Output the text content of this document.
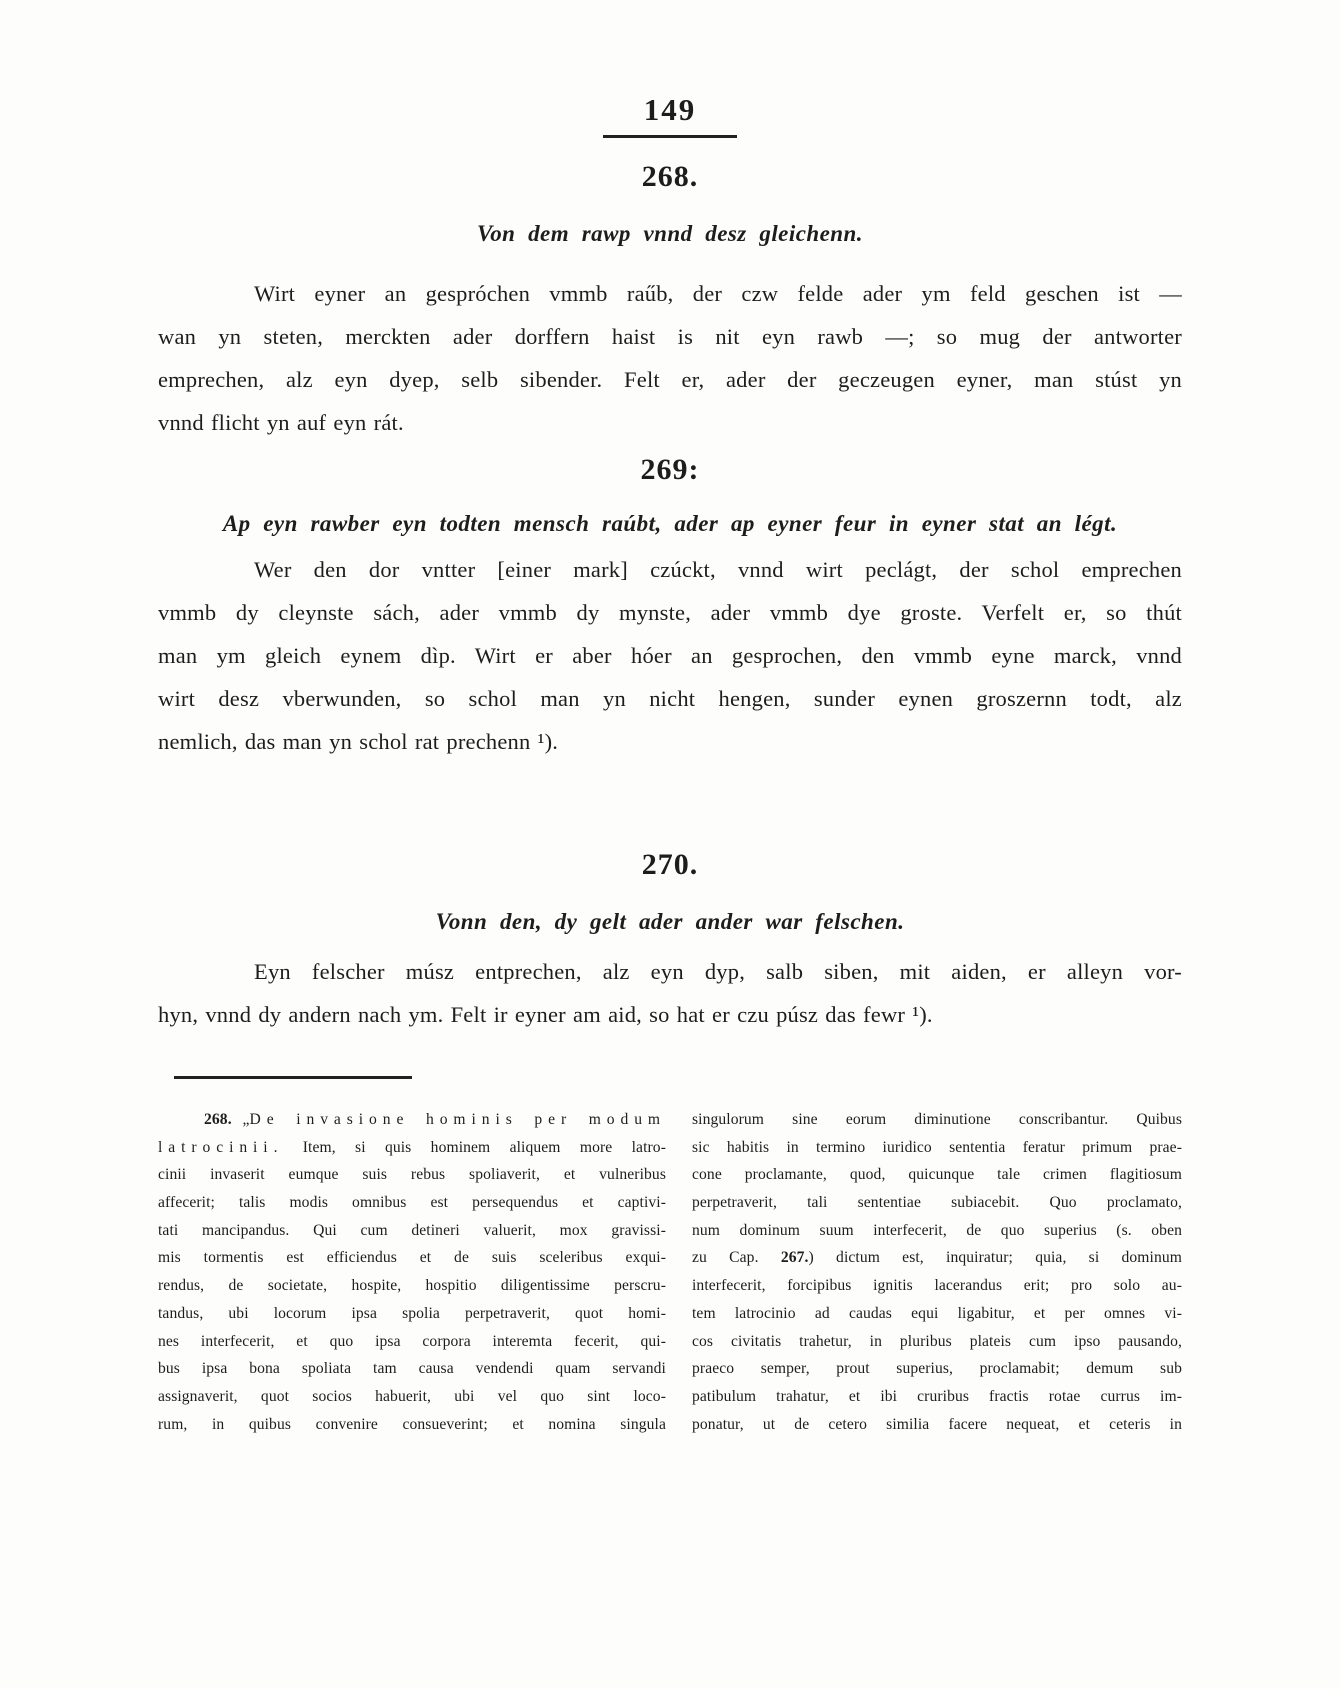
149
268.
Von dem rawp vnnd desz gleichenn.
Wirt eyner an gespróchen vmmb raűb, der czw felde ader ym feld geschen ist —
wan yn steten, merckten ader dorffern haist is nit eyn rawb —; so mug der antworter
emprechen, alz eyn dyep, selb sibender. Felt er, ader der geczeugen eyner, man stúst yn
vnnd flicht yn auf eyn rát.
269:
Ap eyn rawber eyn todten mensch raúbt, ader ap eyner feur in eyner stat an légt.
Wer den dor vntter [einer mark] czúckt, vnnd wirt peclágt, der schol emprechen
vmmb dy cleynste sách, ader vmmb dy mynste, ader vmmb dye groste. Verfelt er, so thút
man ym gleich eynem dìp. Wirt er aber hóer an gesprochen, den vmmb eyne marck, vnnd
wirt desz vberwunden, so schol man yn nicht hengen, sunder eynen groszernn todt, alz
nemlich, das man yn schol rat prechenn ¹).
270.
Vonn den, dy gelt ader ander war felschen.
Eyn felscher músz entprechen, alz eyn dyp, salb siben, mit aiden, er alleyn vor-
hyn, vnnd dy andern nach ym. Felt ir eyner am aid, so hat er czu púsz das fewr ¹).
268. „De invasione hominis per modum
latrocinii. Item, si quis hominem aliquem more latro-
cinii invaserit eumque suis rebus spoliaverit, et vulneribus
affecerit; talis modis omnibus est persequendus et captivi-
tati mancipandus. Qui cum detineri valuerit, mox gravissi-
mis tormentis est efficiendus et de suis sceleribus exqui-
rendus, de societate, hospite, hospitio diligentissime perscru-
tandus, ubi locorum ipsa spolia perpetraverit, quot homi-
nes interfecerit, et quo ipsa corpora interemta fecerit, qui-
bus ipsa bona spoliata tam causa vendendi quam servandi
assignaverit, quot socios habuerit, ubi vel quo sint loco-
rum, in quibus convenire consueverint; et nomina singula
singulorum sine eorum diminutione conscribantur. Quibus
sic habitis in termino iuridico sententia feratur primum prae-
cone proclamante, quod, quicunque tale crimen flagitiosum
perpetraverit, tali sententiae subiacebit. Quo proclamato,
num dominum suum interfecerit, de quo superius (s. oben
zu Cap. 267.) dictum est, inquiratur; quia, si dominum
interfecerit, forcipibus ignitis lacerandus erit; pro solo au-
tem latrocinio ad caudas equi ligabitur, et per omnes vi-
cos civitatis trahetur, in pluribus plateis cum ipso pausando,
praeco semper, prout superius, proclamabit; demum sub
patibulum trahatur, et ibi cruribus fractis rotae currus im-
ponatur, ut de cetero similia facere nequeat, et ceteris in
